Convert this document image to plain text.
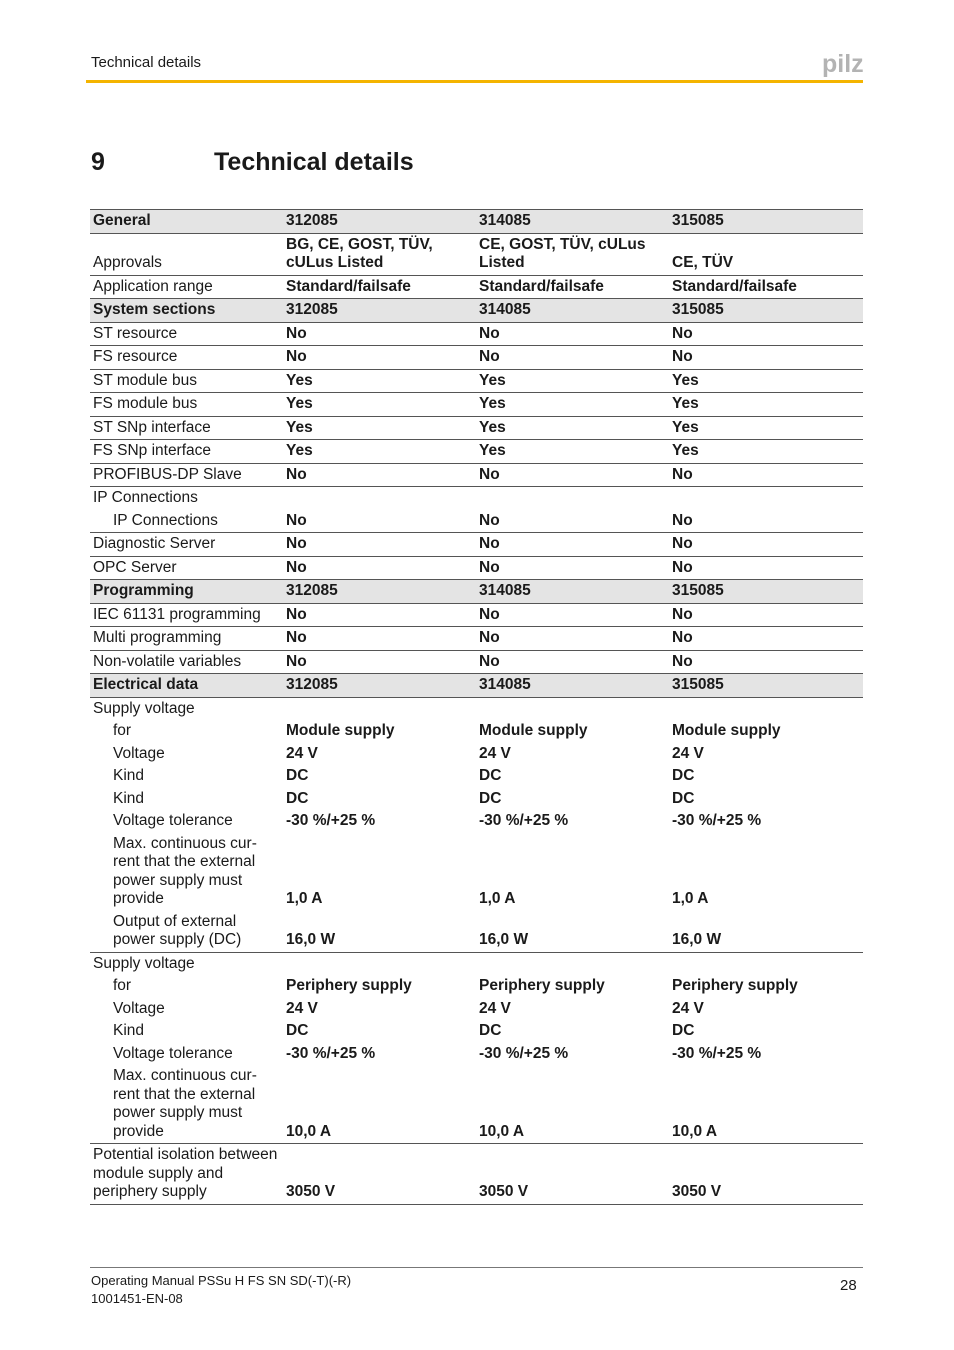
Technical details	pilz
9	Technical details
General	312085	314085	315085
Approvals	BG, CE, GOST, TÜV, cULus Listed	CE, GOST, TÜV, cULus Listed	CE, TÜV
Application range	Standard/failsafe	Standard/failsafe	Standard/failsafe
System sections	312085	314085	315085
ST resource	No	No	No
FS resource	No	No	No
ST module bus	Yes	Yes	Yes
FS module bus	Yes	Yes	Yes
ST SNp interface	Yes	Yes	Yes
FS SNp interface	Yes	Yes	Yes
PROFIBUS-DP Slave	No	No	No
IP Connections			
IP Connections	No	No	No
Diagnostic Server	No	No	No
OPC Server	No	No	No
Programming	312085	314085	315085
IEC 61131 programming	No	No	No
Multi programming	No	No	No
Non-volatile variables	No	No	No
Electrical data	312085	314085	315085
Supply voltage			
for	Module supply	Module supply	Module supply
Voltage	24 V	24 V	24 V
Kind	DC	DC	DC
Kind	DC	DC	DC
Voltage tolerance	-30 %/+25 %	-30 %/+25 %	-30 %/+25 %
Max. continuous cur-rent that the external power supply must provide	1,0 A	1,0 A	1,0 A
Output of external power supply (DC)	16,0 W	16,0 W	16,0 W
Supply voltage			
for	Periphery supply	Periphery supply	Periphery supply
Voltage	24 V	24 V	24 V
Kind	DC	DC	DC
Voltage tolerance	-30 %/+25 %	-30 %/+25 %	-30 %/+25 %
Max. continuous cur-rent that the external power supply must provide	10,0 A	10,0 A	10,0 A
Potential isolation between module supply and periphery supply	3050 V	3050 V	3050 V
Operating Manual PSSu H FS SN SD(-T)(-R)
1001451-EN-08
28
